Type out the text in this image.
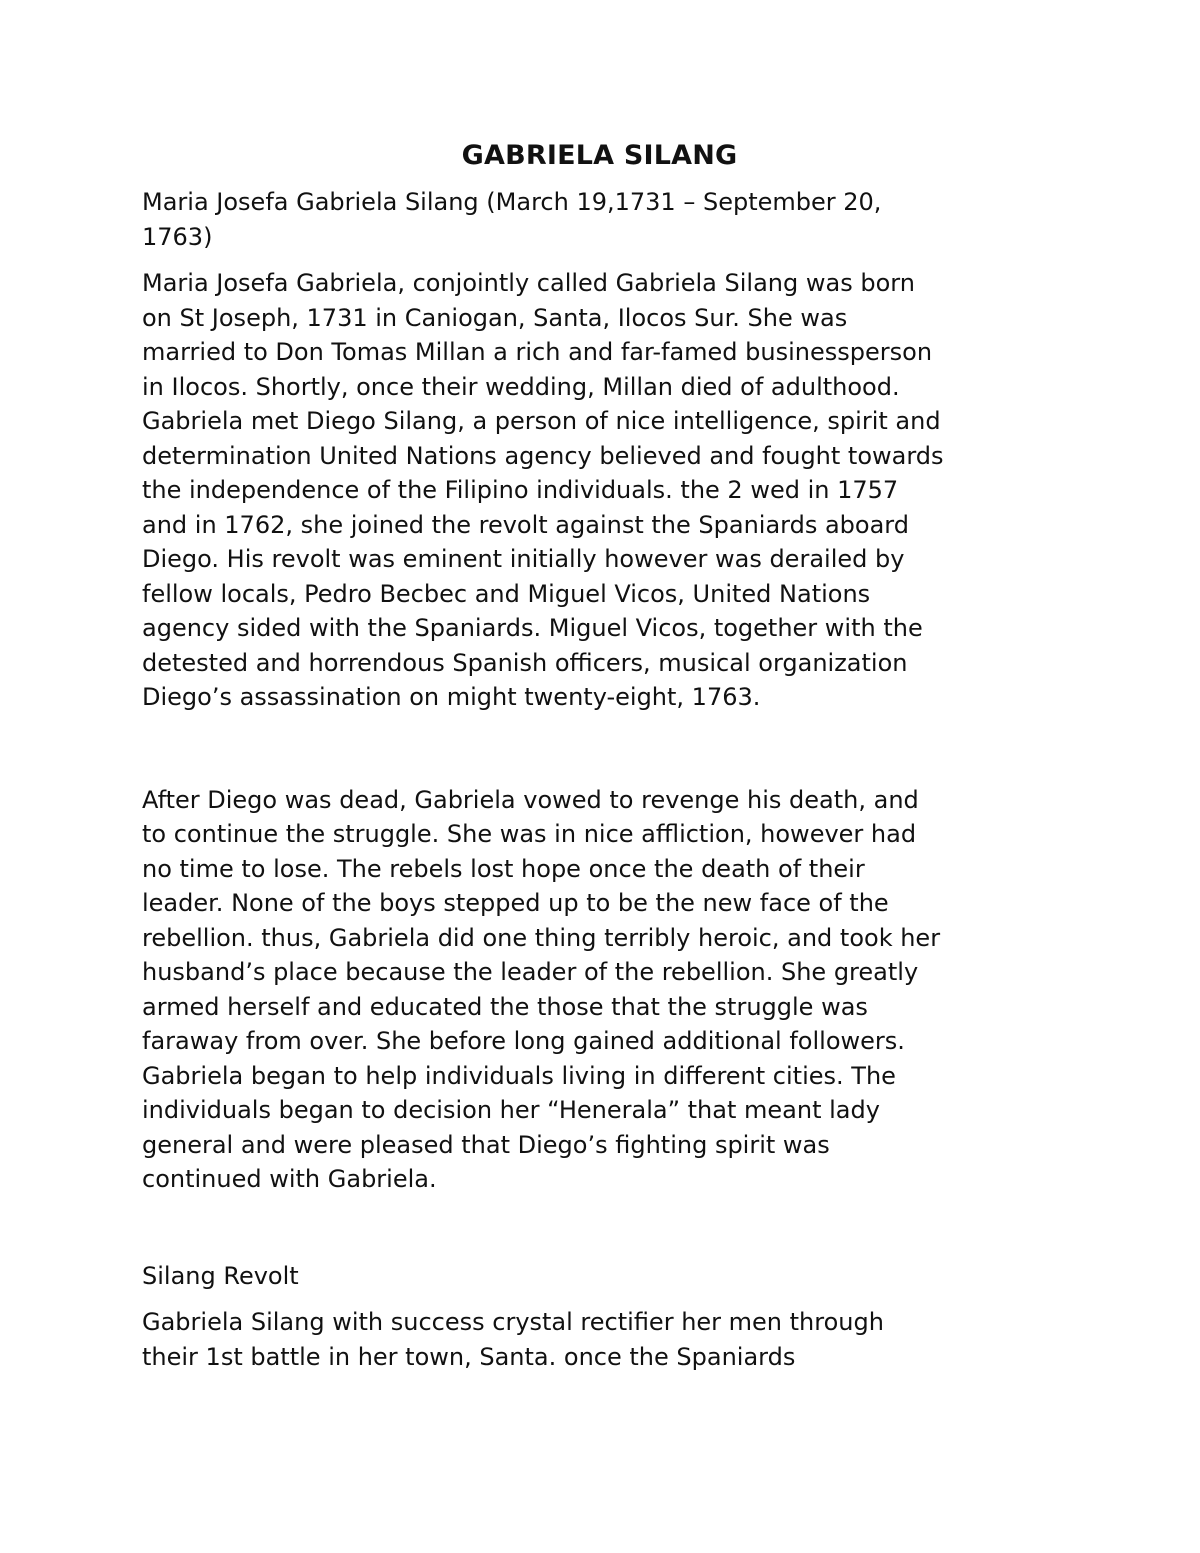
GABRIELA SILANG

Maria Josefa Gabriela Silang (March 19,1731 – September 20,
1763)

Maria Josefa Gabriela, conjointly called Gabriela Silang was born
on St Joseph, 1731 in Caniogan, Santa, Ilocos Sur. She was
married to Don Tomas Millan a rich and far-famed businessperson
in Ilocos. Shortly, once their wedding, Millan died of adulthood.
Gabriela met Diego Silang, a person of nice intelligence, spirit and
determination United Nations agency believed and fought towards
the independence of the Filipino individuals. the 2 wed in 1757
and in 1762, she joined the revolt against the Spaniards aboard
Diego. His revolt was eminent initially however was derailed by
fellow locals, Pedro Becbec and Miguel Vicos, United Nations
agency sided with the Spaniards. Miguel Vicos, together with the
detested and horrendous Spanish officers, musical organization
Diego’s assassination on might twenty-eight, 1763.

After Diego was dead, Gabriela vowed to revenge his death, and
to continue the struggle. She was in nice affliction, however had
no time to lose. The rebels lost hope once the death of their
leader. None of the boys stepped up to be the new face of the
rebellion. thus, Gabriela did one thing terribly heroic, and took her
husband’s place because the leader of the rebellion. She greatly
armed herself and educated the those that the struggle was
faraway from over. She before long gained additional followers.
Gabriela began to help individuals living in different cities. The
individuals began to decision her “Henerala” that meant lady
general and were pleased that Diego’s fighting spirit was
continued with Gabriela.

Silang Revolt

Gabriela Silang with success crystal rectifier her men through
their 1st battle in her town, Santa. once the Spaniards
